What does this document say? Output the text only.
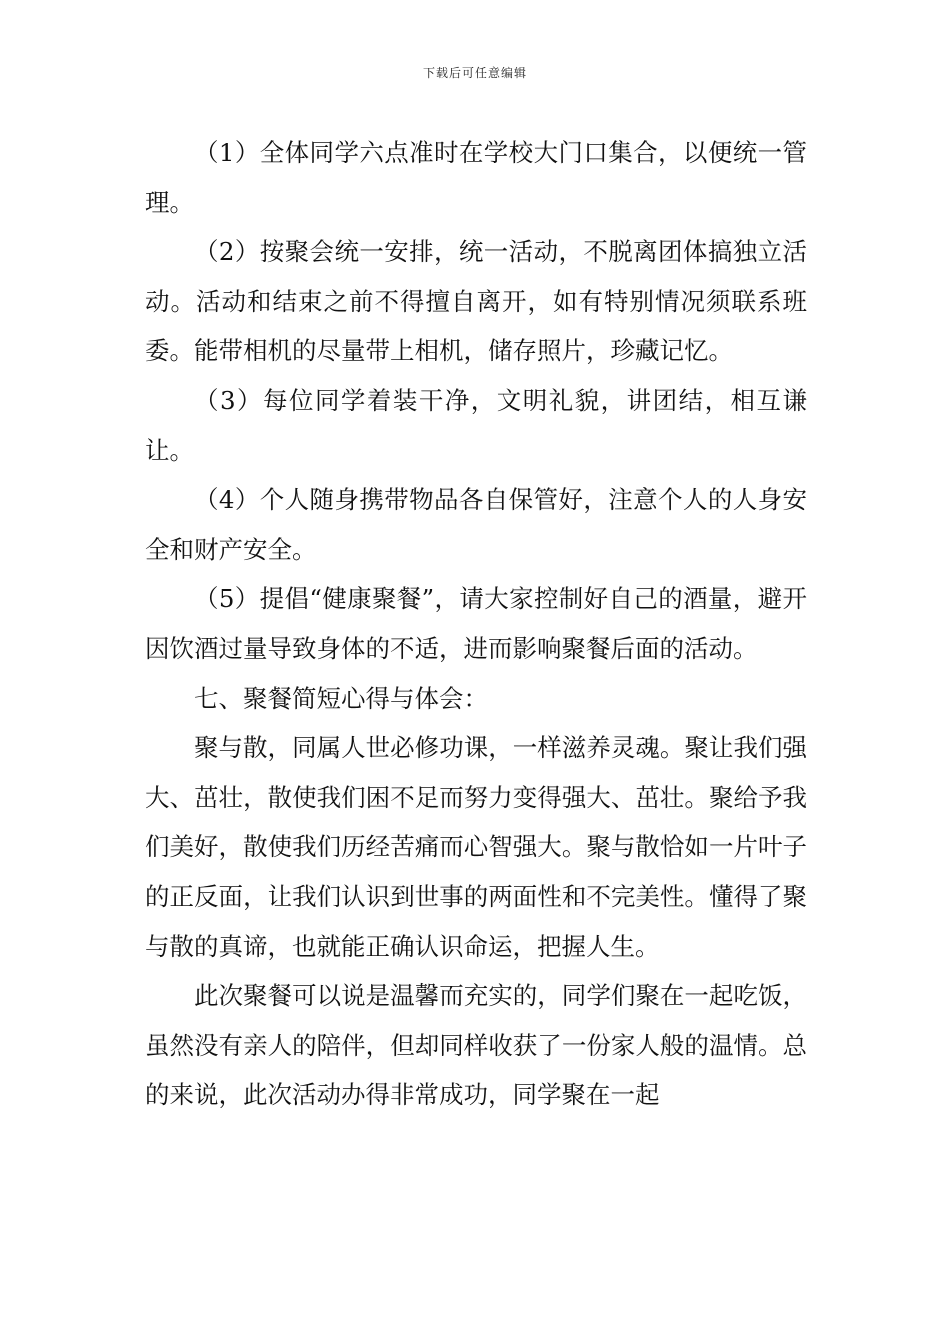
下载后可任意编辑

（1）全体同学六点准时在学校大门口集合，以便统一管理。

（2）按聚会统一安排，统一活动，不脱离团体搞独立活动。活动和结束之前不得擅自离开，如有特别情况须联系班委。能带相机的尽量带上相机，储存照片，珍藏记忆。

（3）每位同学着装干净，文明礼貌，讲团结，相互谦让。

（4）个人随身携带物品各自保管好，注意个人的人身安全和财产安全。

（5）提倡“健康聚餐”，请大家控制好自己的酒量，避开因饮酒过量导致身体的不适，进而影响聚餐后面的活动。

七、聚餐简短心得与体会：

聚与散，同属人世必修功课，一样滋养灵魂。聚让我们强大、茁壮，散使我们困不足而努力变得强大、茁壮。聚给予我们美好，散使我们历经苦痛而心智强大。聚与散恰如一片叶子的正反面，让我们认识到世事的两面性和不完美性。懂得了聚与散的真谛，也就能正确认识命运，把握人生。

此次聚餐可以说是温馨而充实的，同学们聚在一起吃饭，虽然没有亲人的陪伴，但却同样收获了一份家人般的温情。总的来说，此次活动办得非常成功，同学聚在一起
